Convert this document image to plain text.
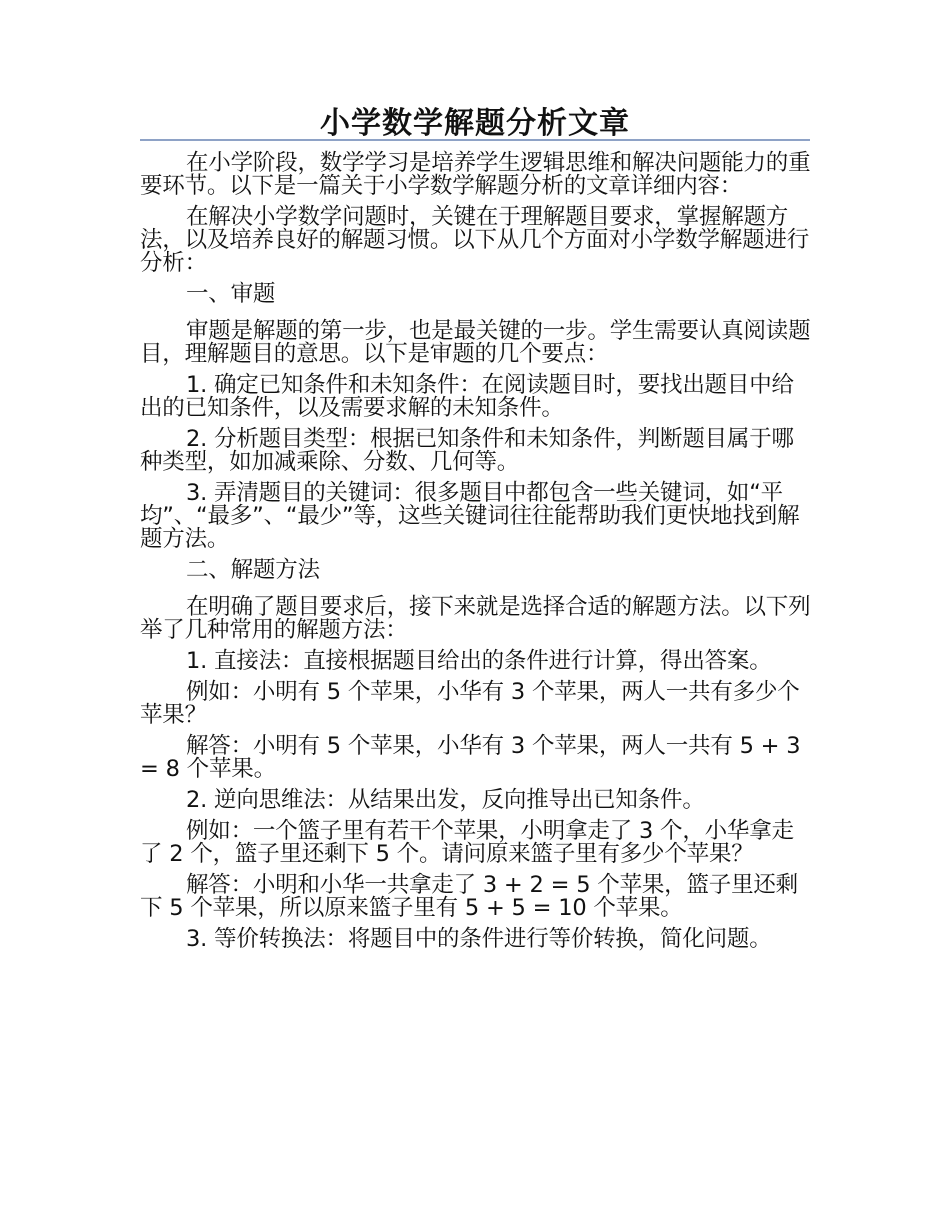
小学数学解题分析文章

在小学阶段，数学学习是培养学生逻辑思维和解决问题能力的重要环节。以下是一篇关于小学数学解题分析的文章详细内容：

在解决小学数学问题时，关键在于理解题目要求，掌握解题方法，以及培养良好的解题习惯。以下从几个方面对小学数学解题进行分析：

一、审题

审题是解题的第一步，也是最关键的一步。学生需要认真阅读题目，理解题目的意思。以下是审题的几个要点：

1. 确定已知条件和未知条件：在阅读题目时，要找出题目中给出的已知条件，以及需要求解的未知条件。

2. 分析题目类型：根据已知条件和未知条件，判断题目属于哪种类型，如加减乘除、分数、几何等。

3. 弄清题目的关键词：很多题目中都包含一些关键词，如“平均”、“最多”、“最少”等，这些关键词往往能帮助我们更快地找到解题方法。

二、解题方法

在明确了题目要求后，接下来就是选择合适的解题方法。以下列举了几种常用的解题方法：

1. 直接法：直接根据题目给出的条件进行计算，得出答案。

例如：小明有 5 个苹果，小华有 3 个苹果，两人一共有多少个苹果？

解答：小明有 5 个苹果，小华有 3 个苹果，两人一共有 5 + 3 = 8 个苹果。

2. 逆向思维法：从结果出发，反向推导出已知条件。

例如：一个篮子里有若干个苹果，小明拿走了 3 个，小华拿走了 2 个，篮子里还剩下 5 个。请问原来篮子里有多少个苹果？

解答：小明和小华一共拿走了 3 + 2 = 5 个苹果，篮子里还剩下 5 个苹果，所以原来篮子里有 5 + 5 = 10 个苹果。

3. 等价转换法：将题目中的条件进行等价转换，简化问题。
